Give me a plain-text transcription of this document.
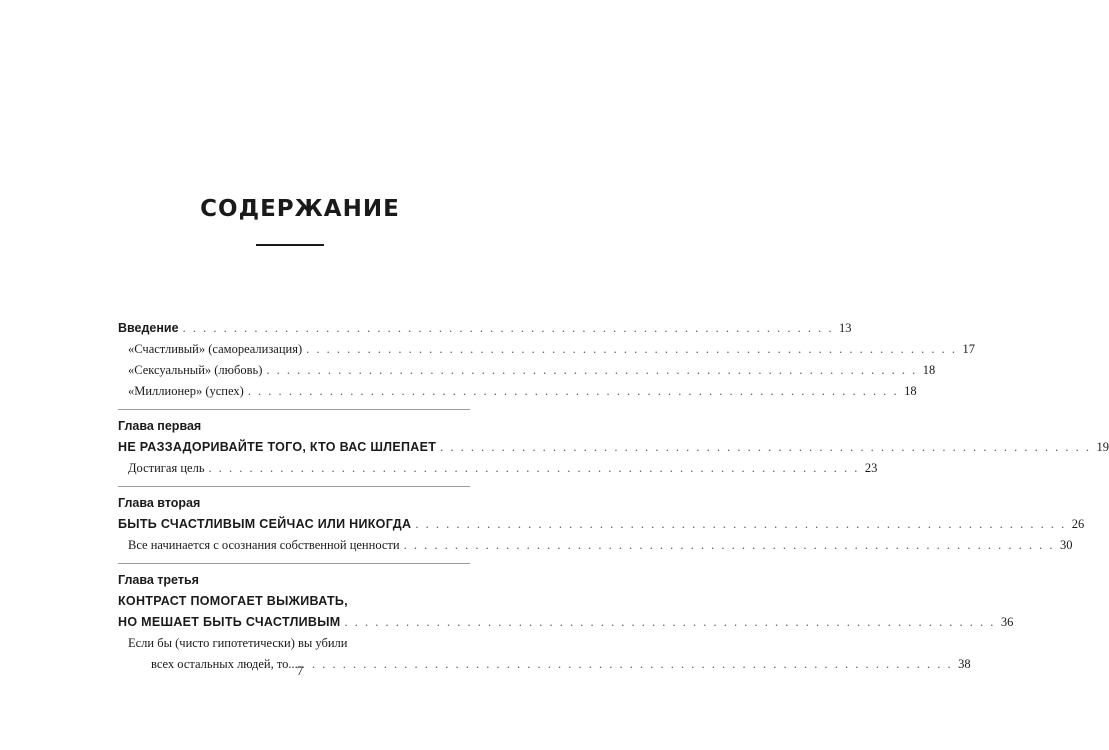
СОДЕРЖАНИЕ
Введение . . . . . . . . . . . . . . . . . . . . . . . . . . . . . . . . . . . . . . . . . . . . . . . . . . . . . . . . . . . . . . . . 13
«Счастливый» (самореализация) . . . . . . . . . . . . . . . . . . . . . . . . . . . . . . . . . . . . . . . . . . . . . . . . . . . . . . . . . . . . . . . . 17
«Сексуальный» (любовь) . . . . . . . . . . . . . . . . . . . . . . . . . . . . . . . . . . . . . . . . . . . . . . . . . . . . . . . . . . . . . . . . 18
«Миллионер» (успех) . . . . . . . . . . . . . . . . . . . . . . . . . . . . . . . . . . . . . . . . . . . . . . . . . . . . . . . . . . . . . . . . 18
Глава первая
НЕ РАЗЗАДОРИВАЙТЕ ТОГО, КТО ВАС ШЛЕПАЕТ . . . . . . . . . . . . . . . . . . . . . . . . . . . . . . . . . . . . . . . . . . . . . . . . . . . . . . . . . . . . . . . . 19
Достигая цель . . . . . . . . . . . . . . . . . . . . . . . . . . . . . . . . . . . . . . . . . . . . . . . . . . . . . . . . . . . . . . . . 23
Глава вторая
БЫТЬ СЧАСТЛИВЫМ СЕЙЧАС ИЛИ НИКОГДА . . . . . . . . . . . . . . . . . . . . . . . . . . . . . . . . . . . . . . . . . . . . . . . . . . . . . . . . . . . . . . . . 26
Все начинается с осознания собственной ценности . . . . . . . . . . . . . . . . . . . . . . . . . . . . . . . . . . . . . . . . . . . . . . . . . . . . . . . . . . . . . . . . 30
Глава третья
КОНТРАСТ ПОМОГАЕТ ВЫЖИВАТЬ,
НО МЕШАЕТ БЫТЬ СЧАСТЛИВЫМ . . . . . . . . . . . . . . . . . . . . . . . . . . . . . . . . . . . . . . . . . . . . . . . . . . . . . . . . . . . . . . . . 36
Если бы (чисто гипотетически) вы убили
всех остальных людей, то... . . . . . . . . . . . . . . . . . . . . . . . . . . . . . . . . . . . . . . . . . . . . . . . . . . . . . . . . . . . . . . . . 38
7
